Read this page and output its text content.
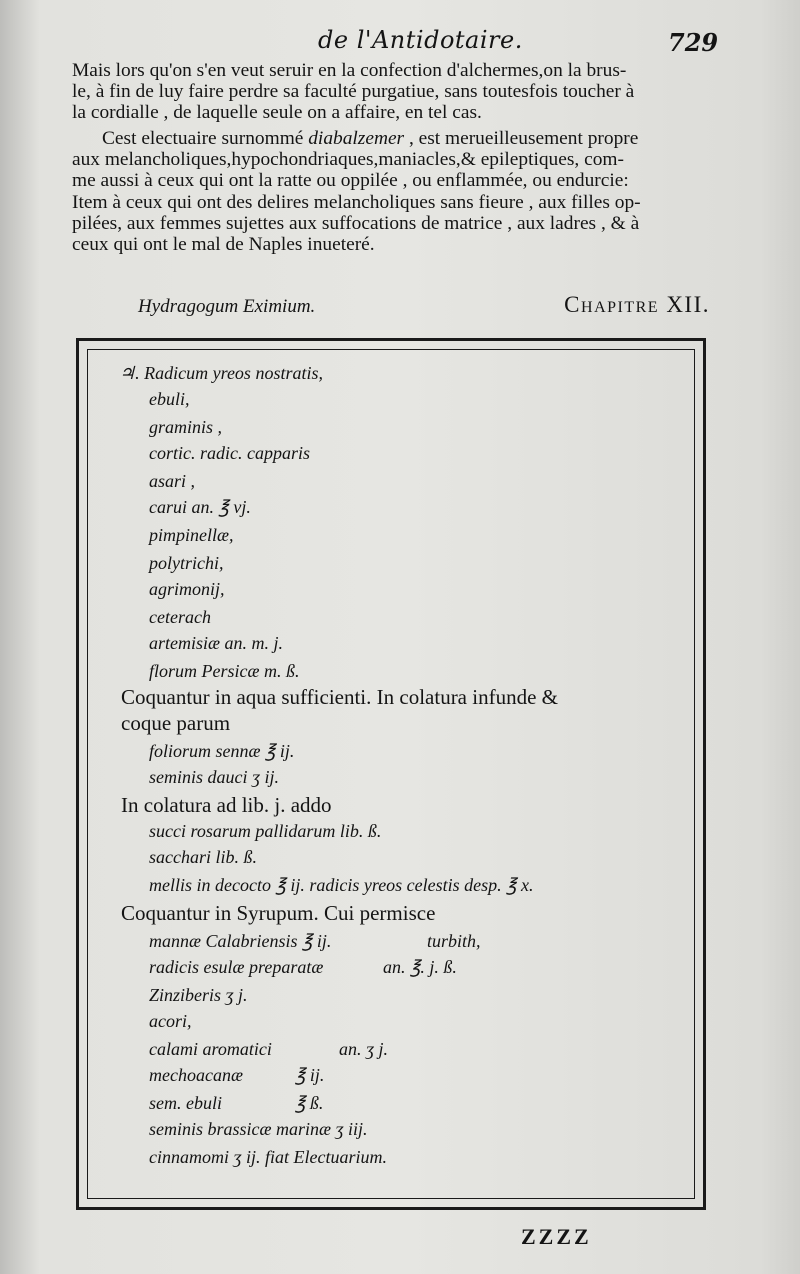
de l'Antidotaire.	729
Mais lors qu'on s'en veut seruir en la confection d'alchermes,on la brus-
le, à fin de luy faire perdre sa faculté purgatiue, sans toutesfois toucher à
la cordialle , de laquelle seule on a affaire, en tel cas.
Cest electuaire surnommé diabalzemer , est merueilleusement propre
aux melancholiques,hypochondriaques,maniacles,& epileptiques, com-
me aussi à ceux qui ont la ratte ou oppilée , ou enflammée, ou endurcie:
Item à ceux qui ont des delires melancholiques sans fieure , aux filles op-
pilées, aux femmes sujettes aux suffocations de matrice , aux ladres , & à
ceux qui ont le mal de Naples inueteré.
Hydragogum Eximium.	Chapitre XII.
♃. Radicum yreos nostratis,
ebuli,
graminis ,
cortic. radic. capparis
asari ,
carui an. ℥ vj.
pimpinellæ,
polytrichi,
agrimonij,
ceterach
artemisiæ an. m. j.
florum Persicæ m. ß.
Coquantur in aqua sufficienti. In colatura infunde &
coque parum
foliorum sennæ ℥ ij.
seminis dauci ʒ ij.
In colatura ad lib. j. addo
succi rosarum pallidarum lib. ß.
sacchari lib. ß.
mellis in decocto ℥ ij. radicis yreos celestis desp. ℥ x.
Coquantur in Syrupum. Cui permisce
mannæ Calabriensis ℥ ij.	turbith,
radicis esulæ preparatæ	an. ℥. j. ß.
Zinziberis ʒ j.
acori,
calami aromatici	an. ʒ j.
mechoacanæ	℥ ij.
sem. ebuli	℥ ß.
seminis brassicæ marinæ ʒ iij.
cinnamomi ʒ ij. fiat Electuarium.
ZZZZ
